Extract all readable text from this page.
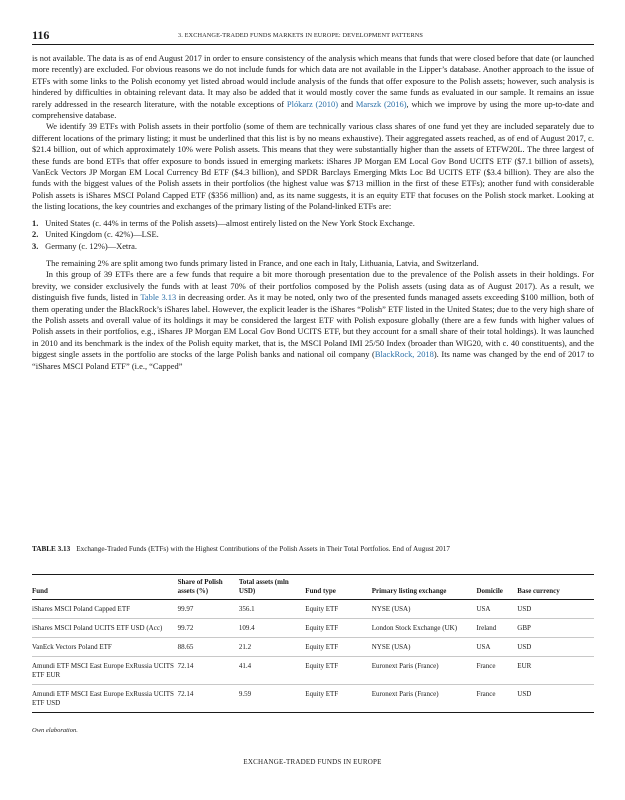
116	3. EXCHANGE-TRADED FUNDS MARKETS IN EUROPE: DEVELOPMENT PATTERNS

is not available. The data is as of end August 2017 in order to ensure consistency of the analysis which means that funds that were closed before that date (or launched more recently) are excluded. For obvious reasons we do not include funds for which data are not available in the Lipper’s database. Another approach to the issue of ETFs with some links to the Polish economy yet listed abroad would include analysis of the funds that offer exposure to the Polish assets; however, such analysis is hindered by difficulties in obtaining relevant data. It may also be added that it would mostly cover the same funds as evaluated in our sample. It remains an issue rarely addressed in the research literature, with the notable exceptions of Plókarz (2010) and Marszk (2016), which we improve by using the more up-to-date and comprehensive database.

We identify 39 ETFs with Polish assets in their portfolio (some of them are technically various class shares of one fund yet they are included separately due to different locations of the primary listing; it must be underlined that this list is by no means exhaustive). Their aggregated assets reached, as of end of August 2017, c. $21.4 billion, out of which approximately 10% were Polish assets. This means that they were substantially higher than the assets of ETFW20L. The three largest of these funds are bond ETFs that offer exposure to bonds issued in emerging markets: iShares JP Morgan EM Local Gov Bond UCITS ETF ($7.1 billion of assets), VanEck Vectors JP Morgan EM Local Currency Bd ETF ($4.3 billion), and SPDR Barclays Emerging Mkts Loc Bd UCITS ETF ($3.4 billion). They are also the funds with the biggest values of the Polish assets in their portfolios (the highest value was $713 million in the first of these ETFs); another fund with considerable Polish assets is iShares MSCI Poland Capped ETF ($356 million) and, as its name suggests, it is an equity ETF that focuses on the Polish stock market. Looking at the listing locations, the key countries and exchanges of the primary listing of the Poland-linked ETFs are:

1. United States (c. 44% in terms of the Polish assets)—almost entirely listed on the New York Stock Exchange.
2. United Kingdom (c. 42%)—LSE.
3. Germany (c. 12%)—Xetra.

The remaining 2% are split among two funds primary listed in France, and one each in Italy, Lithuania, Latvia, and Switzerland.

In this group of 39 ETFs there are a few funds that require a bit more thorough presentation due to the prevalence of the Polish assets in their holdings. For brevity, we consider exclusively the funds with at least 70% of their portfolios composed by the Polish assets (using data as of August 2017). As a result, we distinguish five funds, listed in Table 3.13 in decreasing order. As it may be noted, only two of the presented funds managed assets exceeding $100 million, both of them operating under the BlackRock’s iShares label. However, the explicit leader is the iShares “Polish” ETF listed in the United States; due to the very high share of the Polish assets and overall value of its holdings it may be considered the largest ETF with Polish exposure globally (there are a few funds with higher values of Polish assets in their portfolios, e.g., iShares JP Morgan EM Local Gov Bond UCITS ETF, but they account for a small share of their total holdings). It was launched in 2010 and its benchmark is the index of the Polish equity market, that is, the MSCI Poland IMI 25/50 Index (broader than WIG20, with c. 40 constituents), and the biggest single assets in the portfolio are stocks of the large Polish banks and national oil company (BlackRock, 2018). Its name was changed by the end of 2017 to “iShares MSCI Poland ETF” (i.e., “Capped”

TABLE 3.13 Exchange-Traded Funds (ETFs) with the Highest Contributions of the Polish Assets in Their Total Portfolios. End of August 2017
Fund	Share of Polish assets (%)	Total assets (mln USD)	Fund type	Primary listing exchange	Domicile	Base currency
iShares MSCI Poland Capped ETF	99.97	356.1	Equity ETF	NYSE (USA)	USA	USD
iShares MSCI Poland UCITS ETF USD (Acc)	99.72	109.4	Equity ETF	London Stock Exchange (UK)	Ireland	GBP
VanEck Vectors Poland ETF	88.65	21.2	Equity ETF	NYSE (USA)	USA	USD
Amundi ETF MSCI East Europe ExRussia UCITS ETF EUR	72.14	41.4	Equity ETF	Euronext Paris (France)	France	EUR
Amundi ETF MSCI East Europe ExRussia UCITS ETF USD	72.14	9.59	Equity ETF	Euronext Paris (France)	France	USD
Own elaboration.
EXCHANGE-TRADED FUNDS IN EUROPE
